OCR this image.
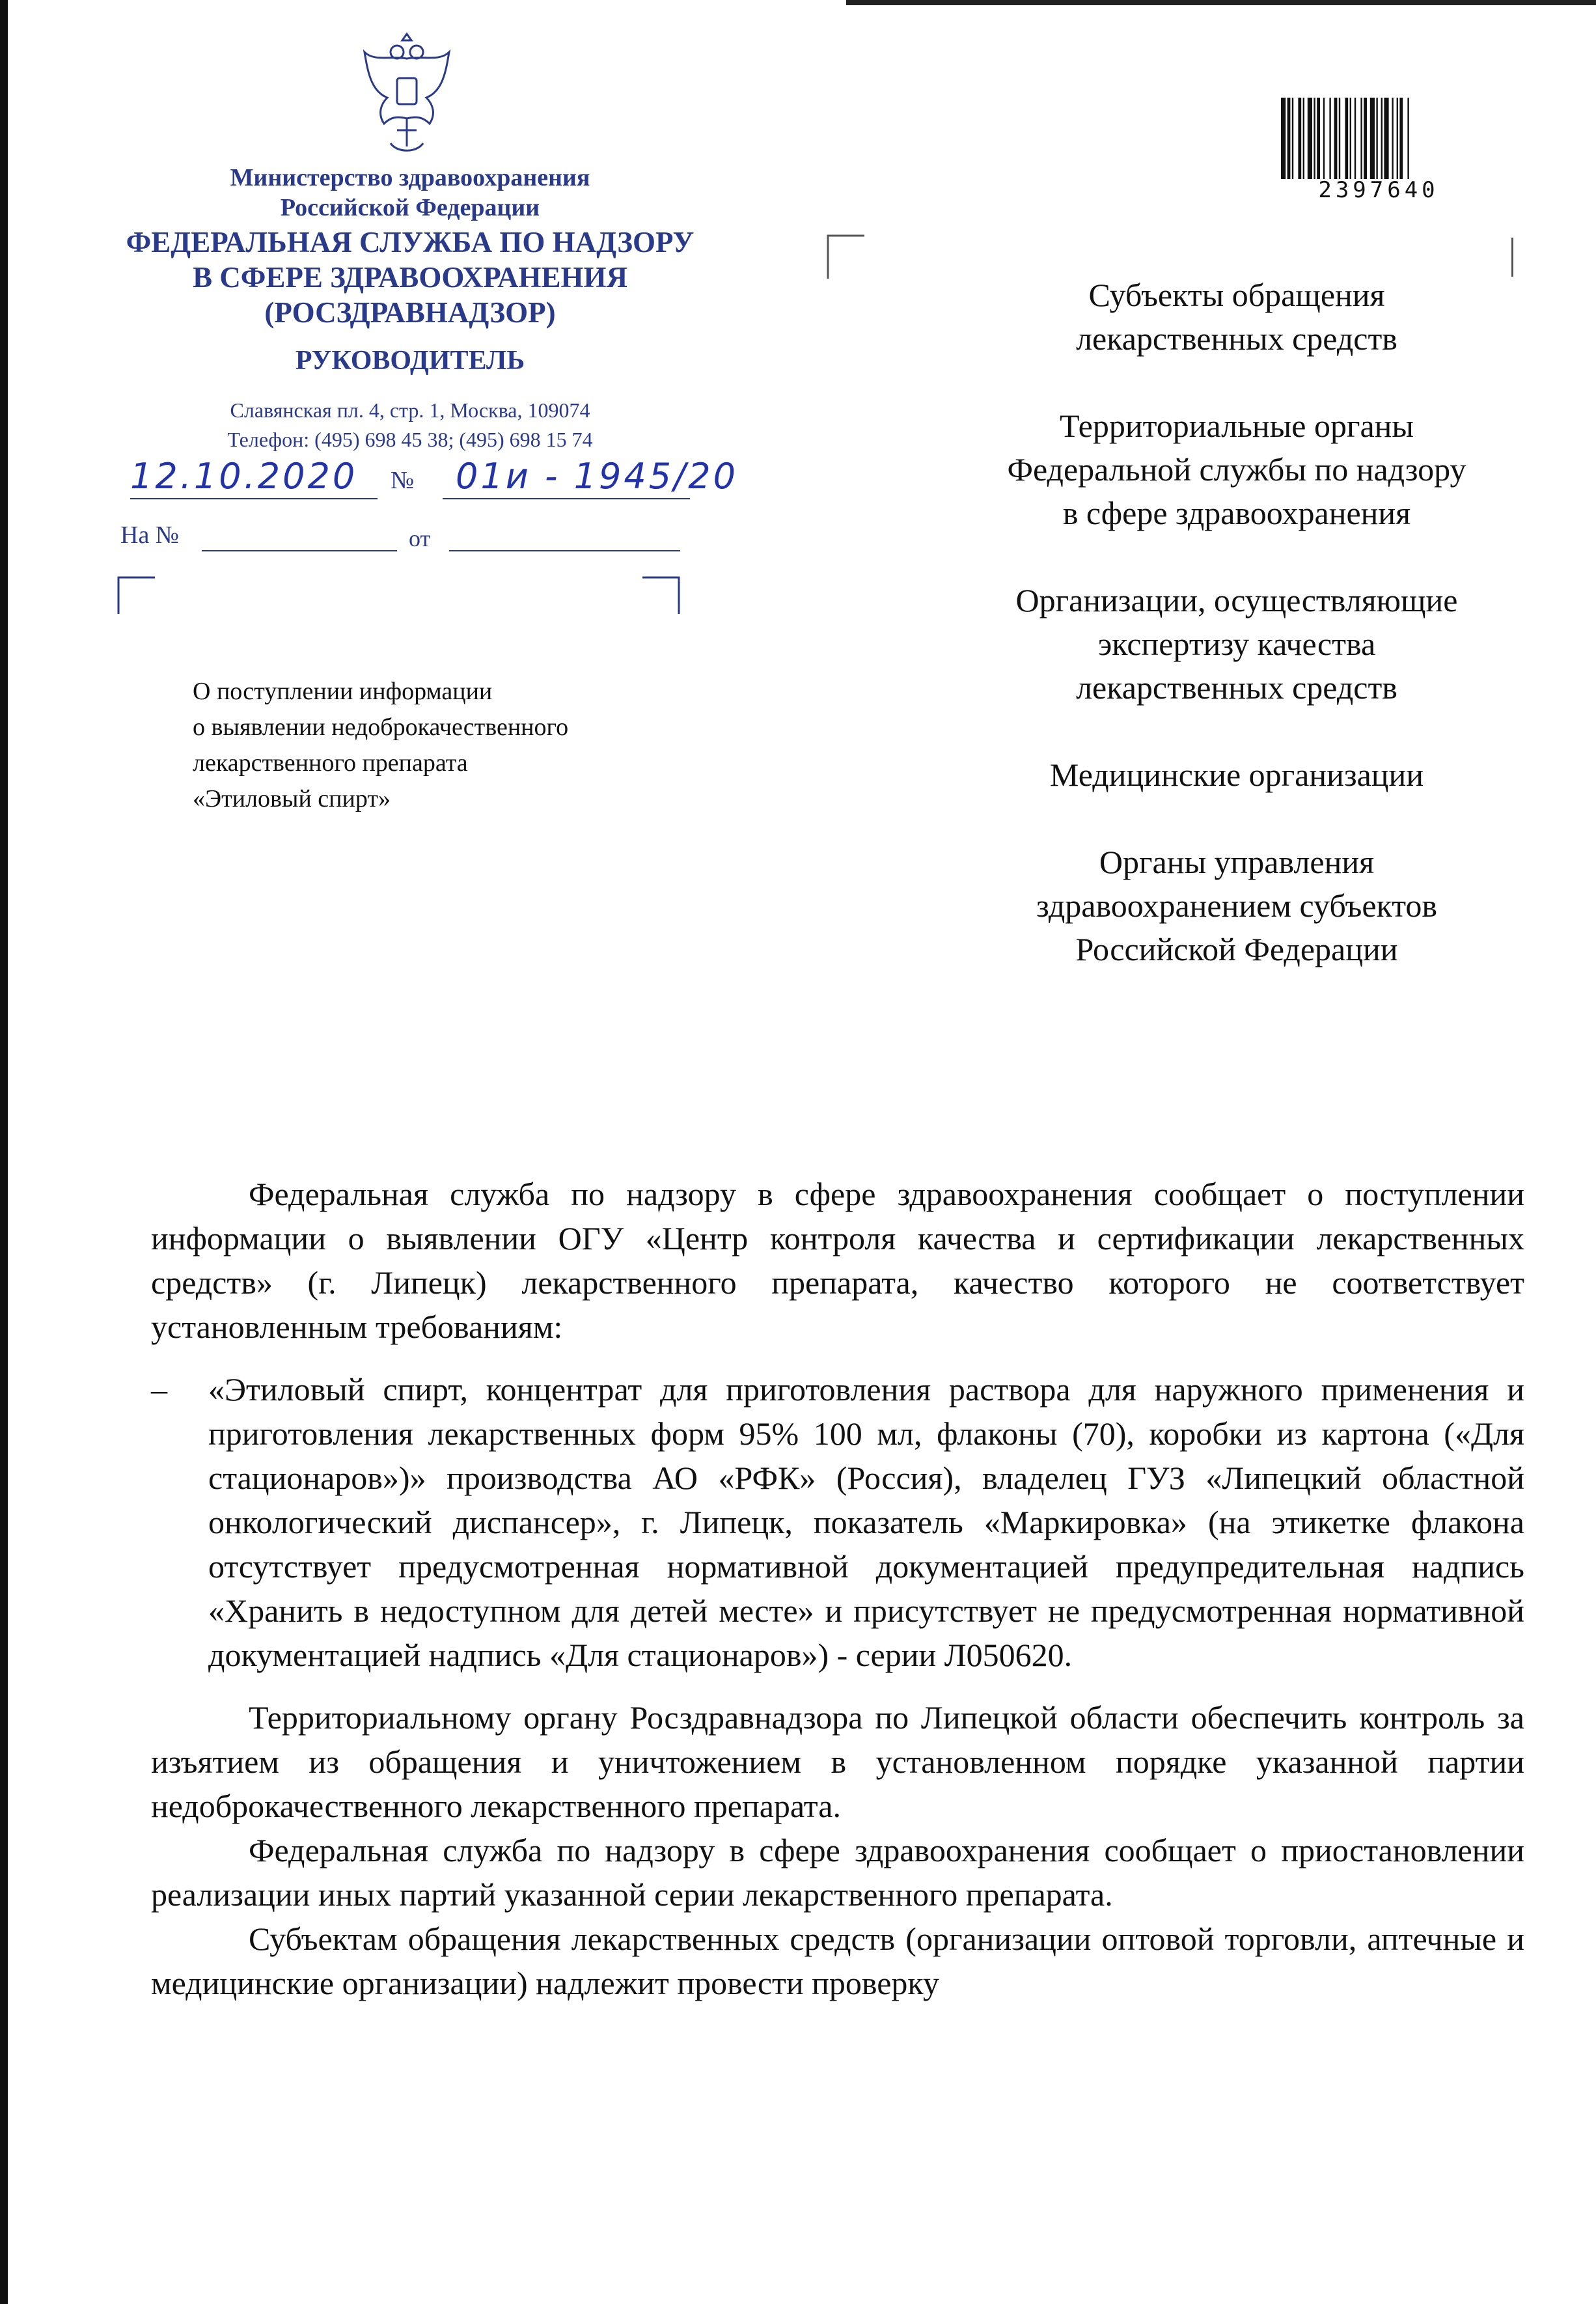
Министерство здравоохранения
Российской Федерации
ФЕДЕРАЛЬНАЯ СЛУЖБА ПО НАДЗОРУ
В СФЕРЕ ЗДРАВООХРАНЕНИЯ
(РОСЗДРАВНАДЗОР)
РУКОВОДИТЕЛЬ
Славянская пл. 4, стр. 1, Москва, 109074
Телефон: (495) 698 45 38; (495) 698 15 74
12.10.2020	№ 01и - 1945/20
На №	от
О поступлении информации
о выявлении недоброкачественного
лекарственного препарата
«Этиловый спирт»
2397640
Субъекты обращения
лекарственных средств
Территориальные органы
Федеральной службы по надзору
в сфере здравоохранения
Организации, осуществляющие
экспертизу качества
лекарственных средств
Медицинские организации
Органы управления
здравоохранением субъектов
Российской Федерации

Федеральная служба по надзору в сфере здравоохранения сообщает о поступлении информации о выявлении ОГУ «Центр контроля качества и сертификации лекарственных средств» (г. Липецк) лекарственного препарата, качество которого не соответствует установленным требованиям:

– «Этиловый спирт, концентрат для приготовления раствора для наружного применения и приготовления лекарственных форм 95% 100 мл, флаконы (70), коробки из картона («Для стационаров»)» производства АО «РФК» (Россия), владелец ГУЗ «Липецкий областной онкологический диспансер», г. Липецк, показатель «Маркировка» (на этикетке флакона отсутствует предусмотренная нормативной документацией предупредительная надпись «Хранить в недоступном для детей месте» и присутствует не предусмотренная нормативной документацией надпись «Для стационаров») - серии Л050620.

Территориальному органу Росздравнадзора по Липецкой области обеспечить контроль за изъятием из обращения и уничтожением в установленном порядке указанной партии недоброкачественного лекарственного препарата.

Федеральная служба по надзору в сфере здравоохранения сообщает о приостановлении реализации иных партий указанной серии лекарственного препарата.

Субъектам обращения лекарственных средств (организации оптовой торговли, аптечные и медицинские организации) надлежит провести проверку
